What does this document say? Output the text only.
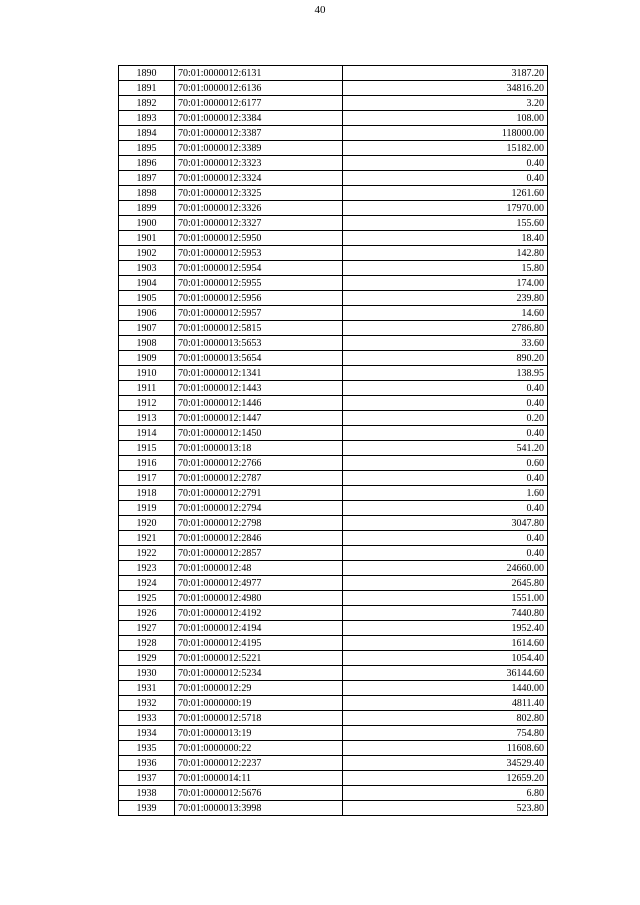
40
1890	70:01:0000012:6131	3187.20
1891	70:01:0000012:6136	34816.20
1892	70:01:0000012:6177	3.20
1893	70:01:0000012:3384	108.00
1894	70:01:0000012:3387	118000.00
1895	70:01:0000012:3389	15182.00
1896	70:01:0000012:3323	0.40
1897	70:01:0000012:3324	0.40
1898	70:01:0000012:3325	1261.60
1899	70:01:0000012:3326	17970.00
1900	70:01:0000012:3327	155.60
1901	70:01:0000012:5950	18.40
1902	70:01:0000012:5953	142.80
1903	70:01:0000012:5954	15.80
1904	70:01:0000012:5955	174.00
1905	70:01:0000012:5956	239.80
1906	70:01:0000012:5957	14.60
1907	70:01:0000012:5815	2786.80
1908	70:01:0000013:5653	33.60
1909	70:01:0000013:5654	890.20
1910	70:01:0000012:1341	138.95
1911	70:01:0000012:1443	0.40
1912	70:01:0000012:1446	0.40
1913	70:01:0000012:1447	0.20
1914	70:01:0000012:1450	0.40
1915	70:01:0000013:18	541.20
1916	70:01:0000012:2766	0.60
1917	70:01:0000012:2787	0.40
1918	70:01:0000012:2791	1.60
1919	70:01:0000012:2794	0.40
1920	70:01:0000012:2798	3047.80
1921	70:01:0000012:2846	0.40
1922	70:01:0000012:2857	0.40
1923	70:01:0000012:48	24660.00
1924	70:01:0000012:4977	2645.80
1925	70:01:0000012:4980	1551.00
1926	70:01:0000012:4192	7440.80
1927	70:01:0000012:4194	1952.40
1928	70:01:0000012:4195	1614.60
1929	70:01:0000012:5221	1054.40
1930	70:01:0000012:5234	36144.60
1931	70:01:0000012:29	1440.00
1932	70:01:0000000:19	4811.40
1933	70:01:0000012:5718	802.80
1934	70:01:0000013:19	754.80
1935	70:01:0000000:22	11608.60
1936	70:01:0000012:2237	34529.40
1937	70:01:0000014:11	12659.20
1938	70:01:0000012:5676	6.80
1939	70:01:0000013:3998	523.80
